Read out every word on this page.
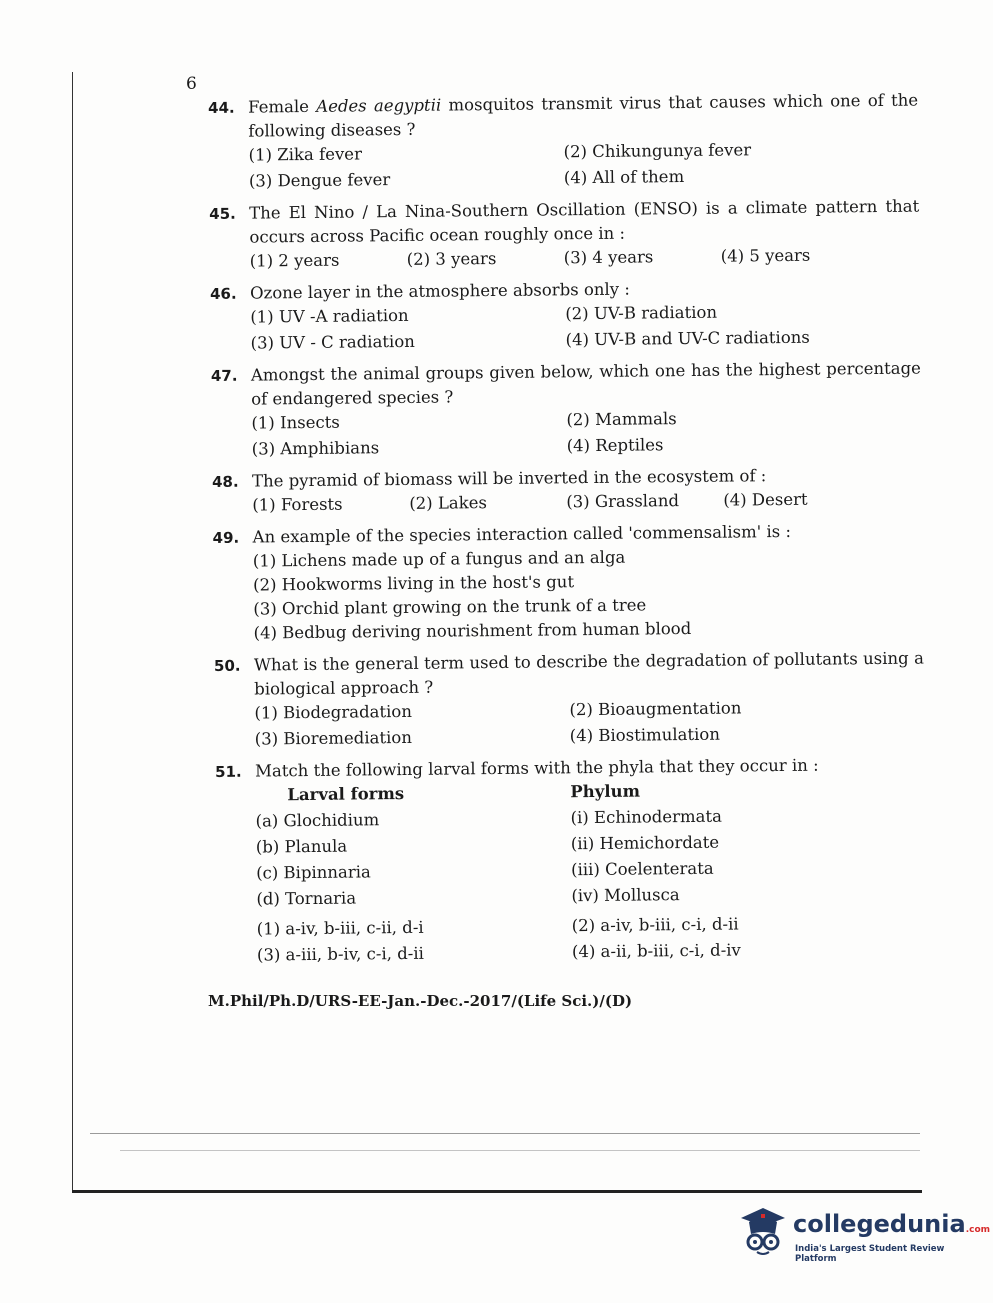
6
44. Female Aedes aegyptii mosquitos transmit virus that causes which one of the following diseases ?
(1) Zika fever	(2) Chikungunya fever
(3) Dengue fever	(4) All of them
45. The El Nino / La Nina-Southern Oscillation (ENSO) is a climate pattern that occurs across Pacific ocean roughly once in :
(1) 2 years	(2) 3 years	(3) 4 years	(4) 5 years
46. Ozone layer in the atmosphere absorbs only :
(1) UV -A radiation	(2) UV-B radiation
(3) UV - C radiation	(4) UV-B and UV-C radiations
47. Amongst the animal groups given below, which one has the highest percentage of endangered species ?
(1) Insects	(2) Mammals
(3) Amphibians	(4) Reptiles
48. The pyramid of biomass will be inverted in the ecosystem of :
(1) Forests	(2) Lakes	(3) Grassland	(4) Desert
49. An example of the species interaction called 'commensalism' is :
(1) Lichens made up of a fungus and an alga
(2) Hookworms living in the host's gut
(3) Orchid plant growing on the trunk of a tree
(4) Bedbug deriving nourishment from human blood
50. What is the general term used to describe the degradation of pollutants using a biological approach ?
(1) Biodegradation	(2) Bioaugmentation
(3) Bioremediation	(4) Biostimulation
51. Match the following larval forms with the phyla that they occur in :
Larval forms	Phylum
(a) Glochidium	(i) Echinodermata
(b) Planula	(ii) Hemichordate
(c) Bipinnaria	(iii) Coelenterata
(d) Tornaria	(iv) Mollusca
(1) a-iv, b-iii, c-ii, d-i	(2) a-iv, b-iii, c-i, d-ii
(3) a-iii, b-iv, c-i, d-ii	(4) a-ii, b-iii, c-i, d-iv
M.Phil/Ph.D/URS-EE-Jan.-Dec.-2017/(Life Sci.)/(D)
collegedunia.com
India's Largest Student Review Platform
